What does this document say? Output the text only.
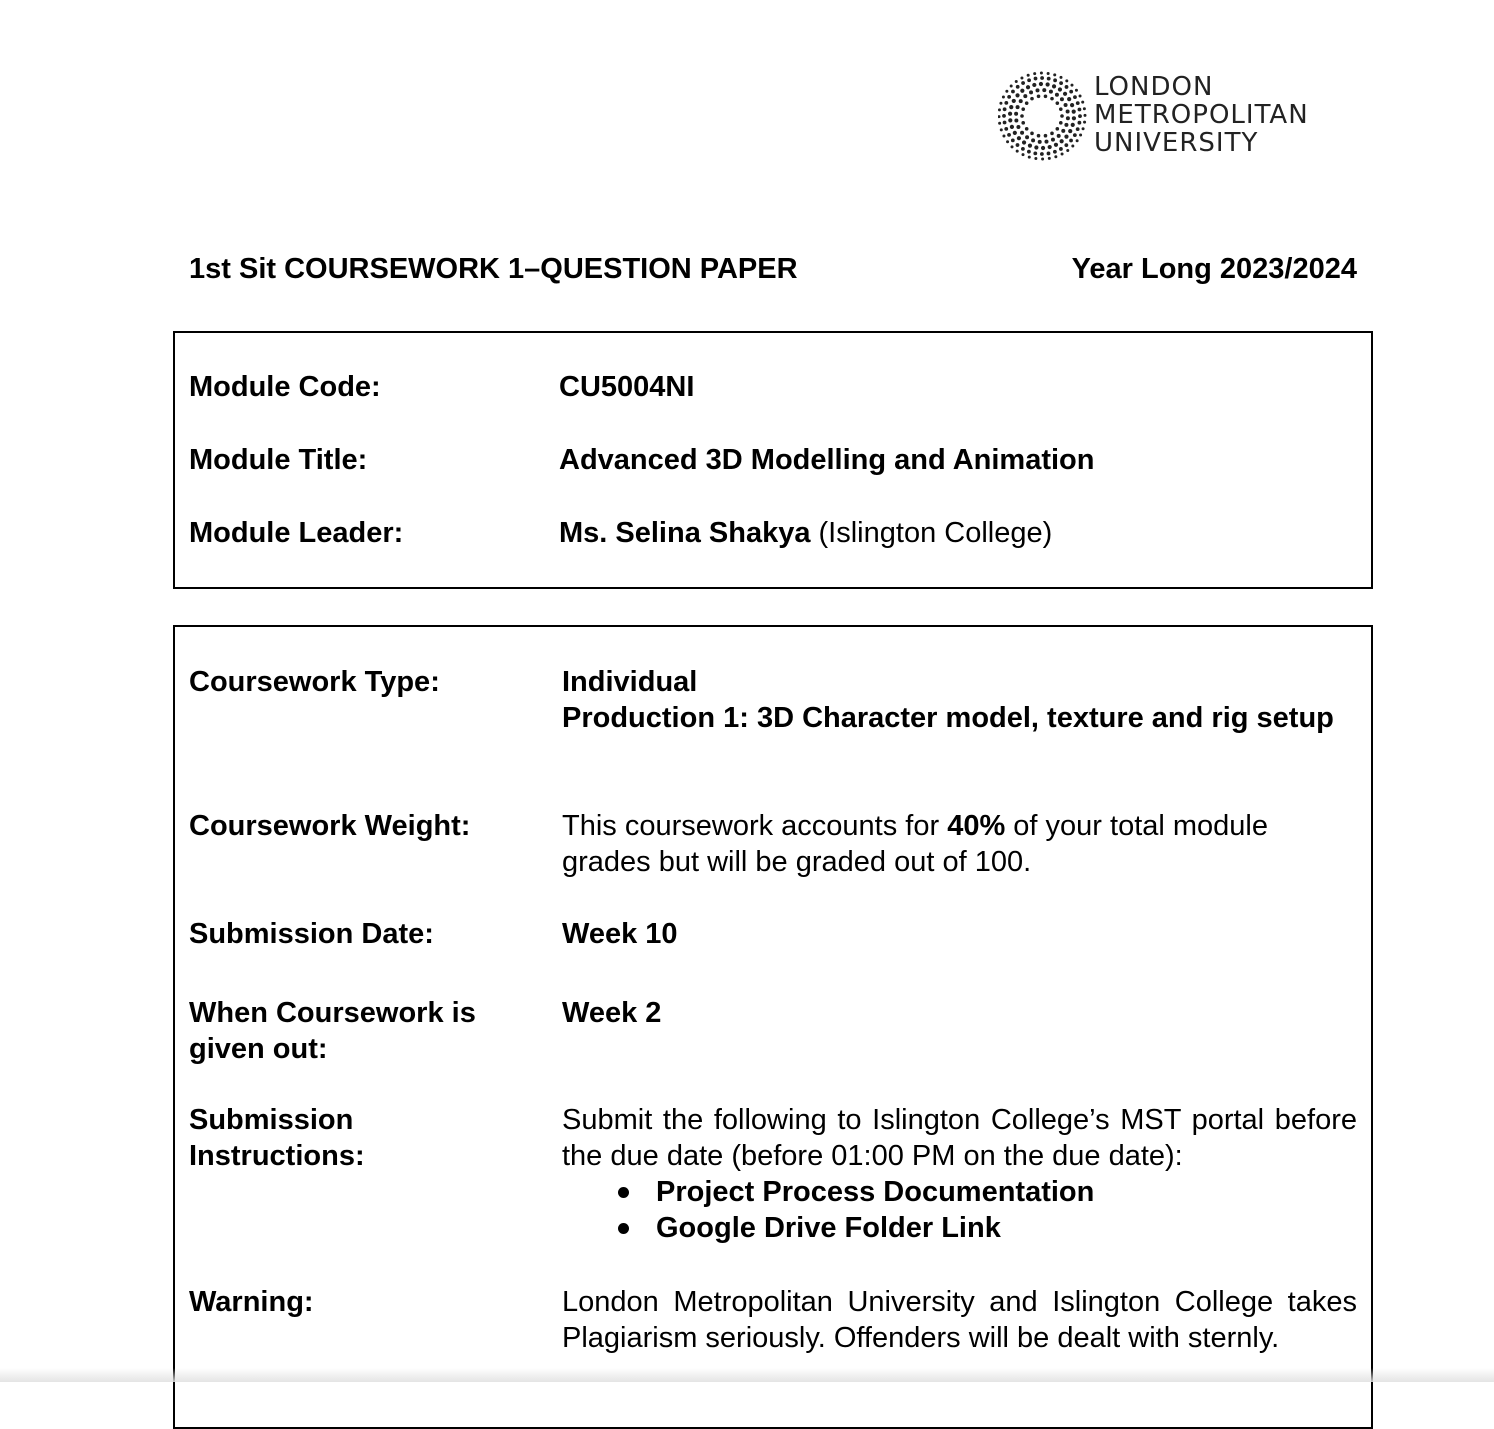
LONDON
METROPOLITAN
UNIVERSITY
1st Sit COURSEWORK 1–QUESTION PAPER	Year Long 2023/2024
Module Code:	CU5004NI
Module Title:	Advanced 3D Modelling and Animation
Module Leader:	Ms. Selina Shakya (Islington College)
Coursework Type:	Individual
Production 1: 3D Character model, texture and rig setup
Coursework Weight:	This coursework accounts for 40% of your total module grades but will be graded out of 100.
Submission Date:	Week 10
When Coursework is given out:
Week 2
Submission Instructions:
Submit the following to Islington College’s MST portal before the due date (before 01:00 PM on the due date):
Project Process Documentation
Google Drive Folder Link
Warning:	London Metropolitan University and Islington College takes Plagiarism seriously. Offenders will be dealt with sternly.
